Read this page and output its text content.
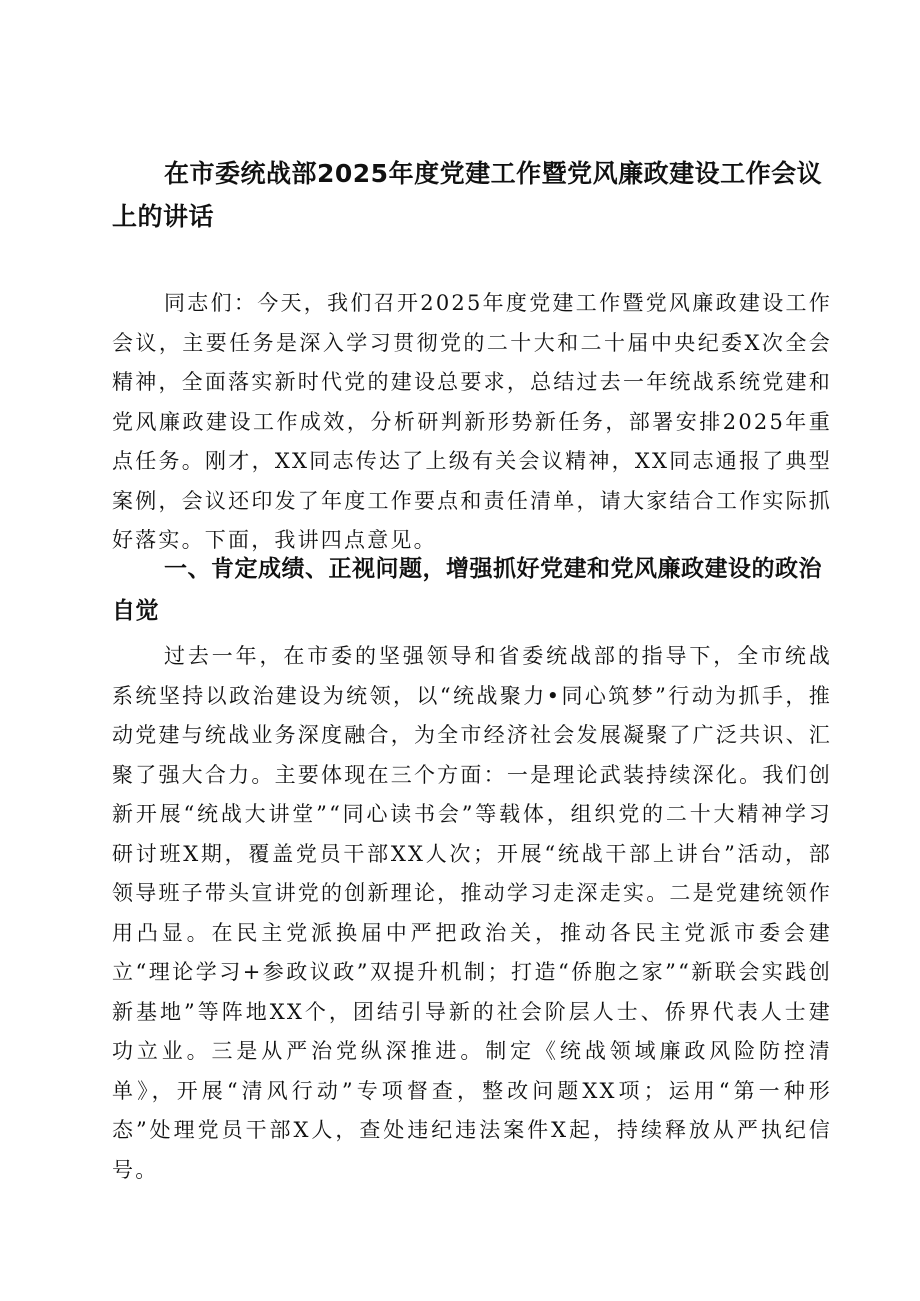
在市委统战部2025年度党建工作暨党风廉政建设工作会议上的讲话

同志们：今天，我们召开2025年度党建工作暨党风廉政建设工作会议，主要任务是深入学习贯彻党的二十大和二十届中央纪委X次全会精神，全面落实新时代党的建设总要求，总结过去一年统战系统党建和党风廉政建设工作成效，分析研判新形势新任务，部署安排2025年重点任务。刚才，XX同志传达了上级有关会议精神，XX同志通报了典型案例，会议还印发了年度工作要点和责任清单，请大家结合工作实际抓好落实。下面，我讲四点意见。

一、肯定成绩、正视问题，增强抓好党建和党风廉政建设的政治自觉

过去一年，在市委的坚强领导和省委统战部的指导下，全市统战系统坚持以政治建设为统领，以“统战聚力•同心筑梦”行动为抓手，推动党建与统战业务深度融合，为全市经济社会发展凝聚了广泛共识、汇聚了强大合力。主要体现在三个方面：一是理论武装持续深化。我们创新开展“统战大讲堂”“同心读书会”等载体，组织党的二十大精神学习研讨班X期，覆盖党员干部XX人次；开展“统战干部上讲台”活动，部领导班子带头宣讲党的创新理论，推动学习走深走实。二是党建统领作用凸显。在民主党派换届中严把政治关，推动各民主党派市委会建立“理论学习+参政议政”双提升机制；打造“侨胞之家”“新联会实践创新基地”等阵地XX个，团结引导新的社会阶层人士、侨界代表人士建功立业。三是从严治党纵深推进。制定《统战领域廉政风险防控清单》，开展“清风行动”专项督查，整改问题XX项；运用“第一种形态”处理党员干部X人，查处违纪违法案件X起，持续释放从严执纪信号。
